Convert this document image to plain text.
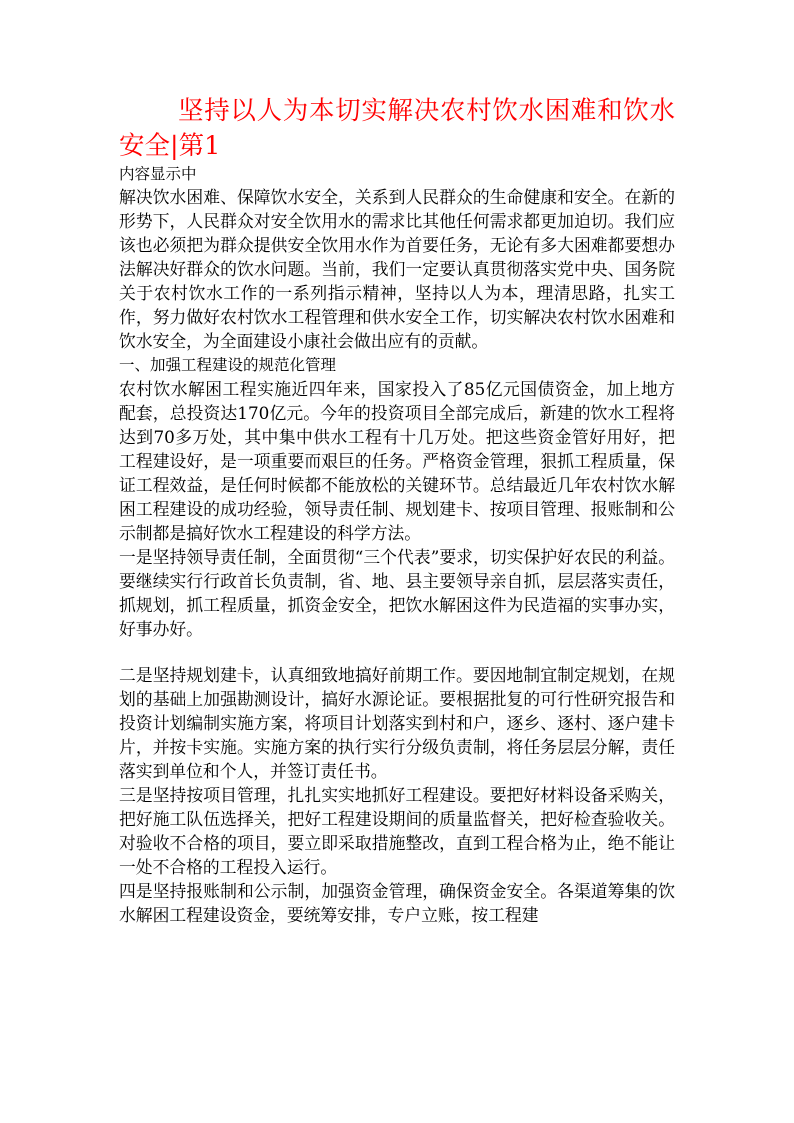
坚持以人为本切实解决农村饮水困难和饮水安全|第1

内容显示中

解决饮水困难、保障饮水安全，关系到人民群众的生命健康和安全。在新的形势下，人民群众对安全饮用水的需求比其他任何需求都更加迫切。我们应该也必须把为群众提供安全饮用水作为首要任务，无论有多大困难都要想办法解决好群众的饮水问题。当前，我们一定要认真贯彻落实党中央、国务院关于农村饮水工作的一系列指示精神，坚持以人为本，理清思路，扎实工作，努力做好农村饮水工程管理和供水安全工作，切实解决农村饮水困难和饮水安全，为全面建设小康社会做出应有的贡献。

一、加强工程建设的规范化管理

农村饮水解困工程实施近四年来，国家投入了85亿元国债资金，加上地方配套，总投资达170亿元。今年的投资项目全部完成后，新建的饮水工程将达到70多万处，其中集中供水工程有十几万处。把这些资金管好用好，把工程建设好，是一项重要而艰巨的任务。严格资金管理，狠抓工程质量，保证工程效益，是任何时候都不能放松的关键环节。总结最近几年农村饮水解困工程建设的成功经验，领导责任制、规划建卡、按项目管理、报账制和公示制都是搞好饮水工程建设的科学方法。

一是坚持领导责任制，全面贯彻“三个代表”要求，切实保护好农民的利益。要继续实行行政首长负责制，省、地、县主要领导亲自抓，层层落实责任，抓规划，抓工程质量，抓资金安全，把饮水解困这件为民造福的实事办实，好事办好。

二是坚持规划建卡，认真细致地搞好前期工作。要因地制宜制定规划，在规划的基础上加强勘测设计，搞好水源论证。要根据批复的可行性研究报告和投资计划编制实施方案，将项目计划落实到村和户，逐乡、逐村、逐户建卡片，并按卡实施。实施方案的执行实行分级负责制，将任务层层分解，责任落实到单位和个人，并签订责任书。

三是坚持按项目管理，扎扎实实地抓好工程建设。要把好材料设备采购关，把好施工队伍选择关，把好工程建设期间的质量监督关，把好检查验收关。对验收不合格的项目，要立即采取措施整改，直到工程合格为止，绝不能让一处不合格的工程投入运行。

四是坚持报账制和公示制，加强资金管理，确保资金安全。各渠道筹集的饮水解困工程建设资金，要统筹安排，专户立账，按工程建
